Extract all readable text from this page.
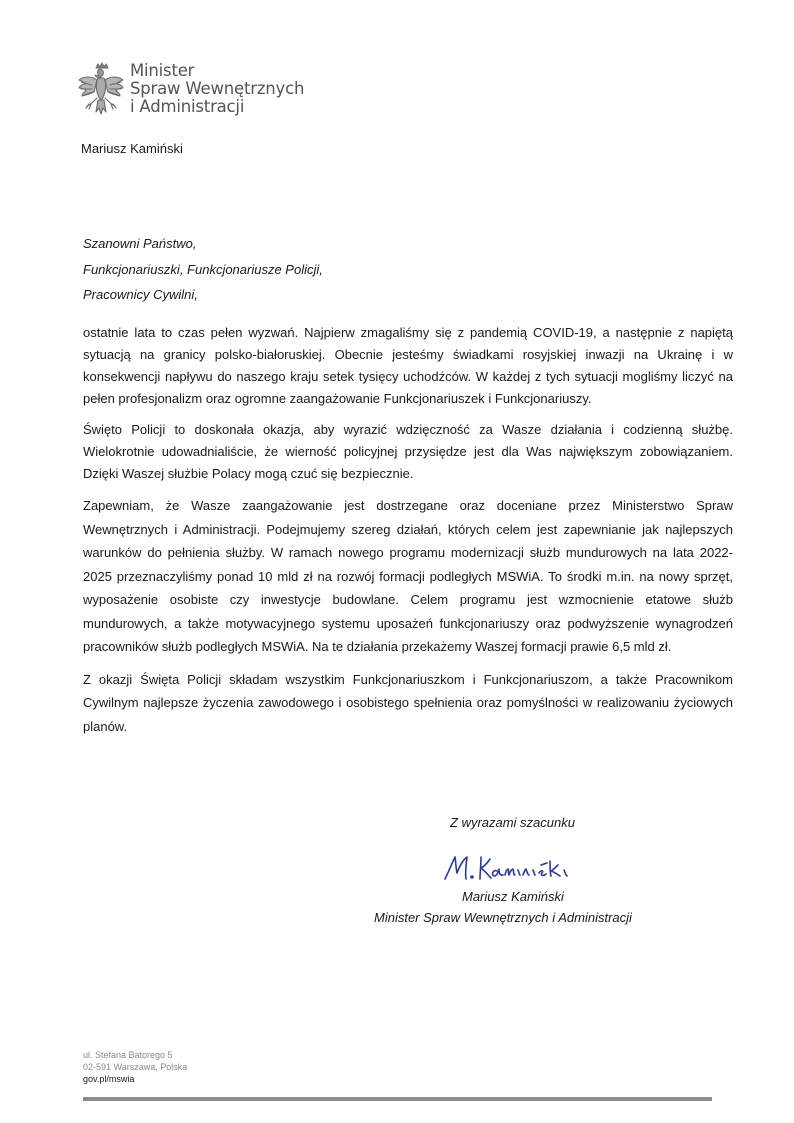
Minister
Spraw Wewnętrznych
i Administracji
Mariusz Kamiński
Szanowni Państwo,
Funkcjonariuszki, Funkcjonariusze Policji,
Pracownicy Cywilni,

ostatnie lata to czas pełen wyzwań. Najpierw zmagaliśmy się z pandemią COVID-19, a następnie z napiętą sytuacją na granicy polsko-białoruskiej. Obecnie jesteśmy świadkami rosyjskiej inwazji na Ukrainę i w konsekwencji napływu do naszego kraju setek tysięcy uchodźców. W każdej z tych sytuacji mogliśmy liczyć na pełen profesjonalizm oraz ogromne zaangażowanie Funkcjonariuszek i Funkcjonariuszy.

Święto Policji to doskonała okazja, aby wyrazić wdzięczność za Wasze działania i codzienną służbę. Wielokrotnie udowadnialiście, że wierność policyjnej przysiędze jest dla Was największym zobowiązaniem. Dzięki Waszej służbie Polacy mogą czuć się bezpiecznie.

Zapewniam, że Wasze zaangażowanie jest dostrzegane oraz doceniane przez Ministerstwo Spraw Wewnętrznych i Administracji. Podejmujemy szereg działań, których celem jest zapewnianie jak najlepszych warunków do pełnienia służby. W ramach nowego programu modernizacji służb mundurowych na lata 2022-2025 przeznaczyliśmy ponad 10 mld zł na rozwój formacji podległych MSWiA. To środki m.in. na nowy sprzęt, wyposażenie osobiste czy inwestycje budowlane. Celem programu jest wzmocnienie etatowe służb mundurowych, a także motywacyjnego systemu uposażeń funkcjonariuszy oraz podwyższenie wynagrodzeń pracowników służb podległych MSWiA. Na te działania przekażemy Waszej formacji prawie 6,5 mld zł.

Z okazji Święta Policji składam wszystkim Funkcjonariuszkom i Funkcjonariuszom, a także Pracownikom Cywilnym najlepsze życzenia zawodowego i osobistego spełnienia oraz pomyślności w realizowaniu życiowych planów.

Z wyrazami szacunku
Mariusz Kamiński
Minister Spraw Wewnętrznych i Administracji
ul. Stefana Batorego 5
02-591 Warszawa, Polska
gov.pl/mswia
